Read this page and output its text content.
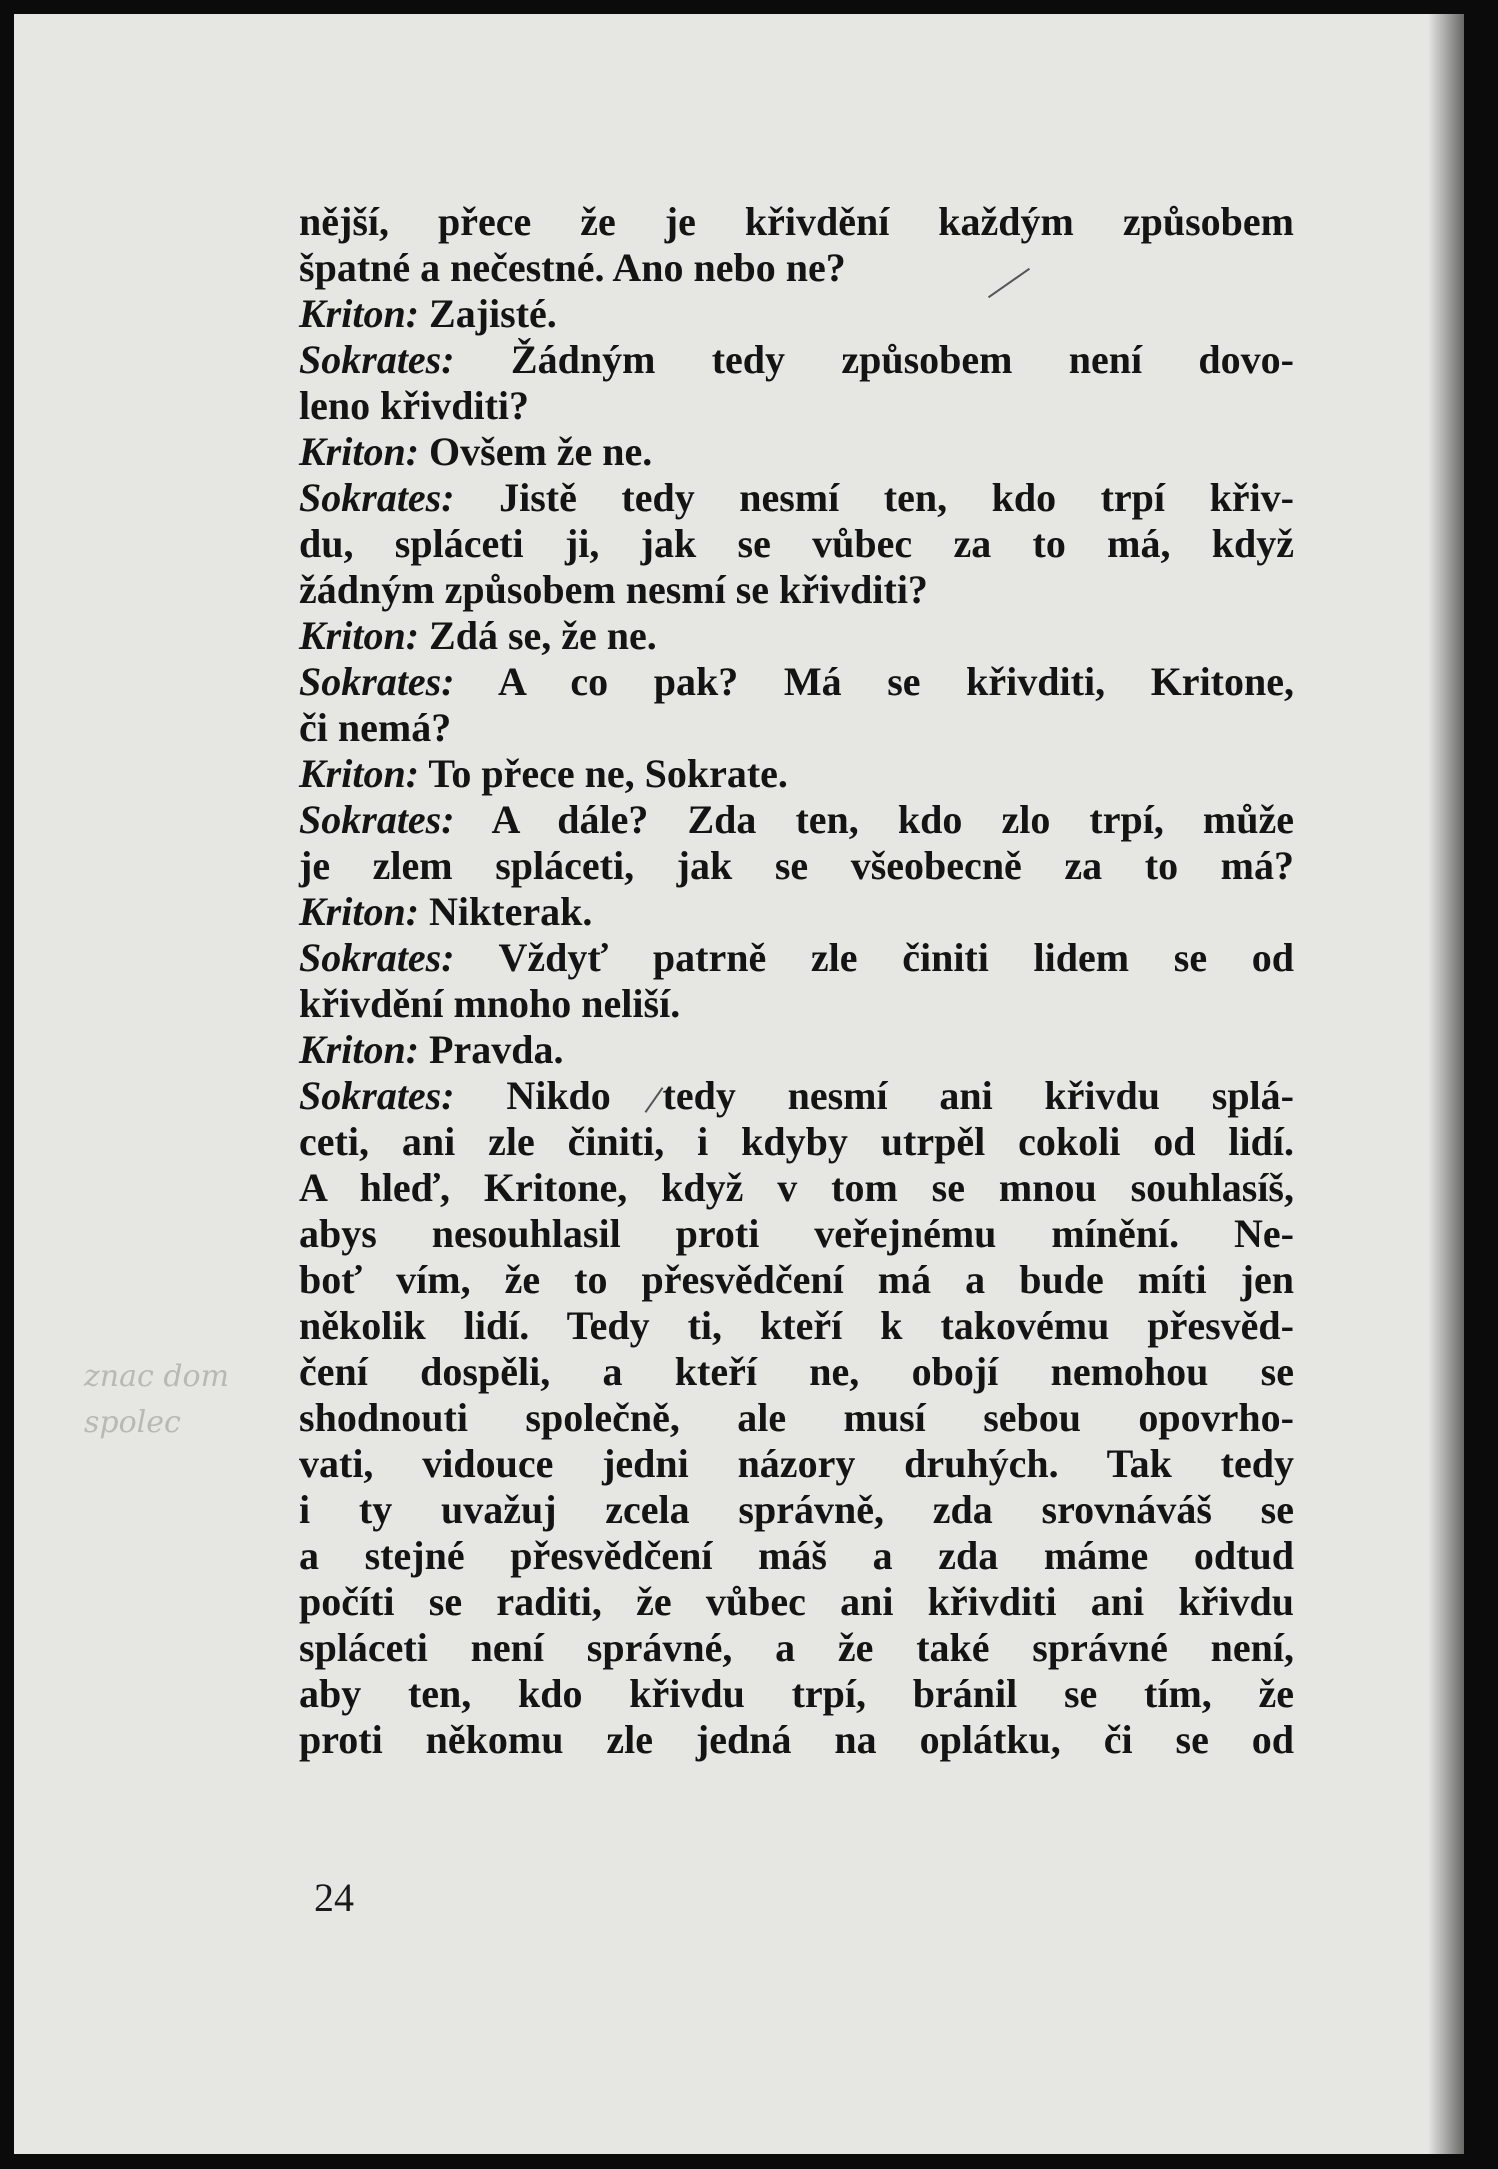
znac dom
spolec
nější, přece že je křivdění každým způsobem
špatné a nečestné. Ano nebo ne?
Kriton: Zajisté.
Sokrates: Žádným tedy způsobem není dovo-
leno křivditi?
Kriton: Ovšem že ne.
Sokrates: Jistě tedy nesmí ten, kdo trpí křiv-
du, spláceti ji, jak se vůbec za to má, když
žádným způsobem nesmí se křivditi?
Kriton: Zdá se, že ne.
Sokrates: A co pak? Má se křivditi, Kritone,
či nemá?
Kriton: To přece ne, Sokrate.
Sokrates: A dále? Zda ten, kdo zlo trpí, může
je zlem spláceti, jak se všeobecně za to má?
Kriton: Nikterak.
Sokrates: Vždyť patrně zle činiti lidem se od
křivdění mnoho neliší.
Kriton: Pravda.
Sokrates: Nikdo tedy nesmí ani křivdu splá-
ceti, ani zle činiti, i kdyby utrpěl cokoli od lidí.
A hleď, Kritone, když v tom se mnou souhlasíš,
abys nesouhlasil proti veřejnému mínění. Ne-
boť vím, že to přesvědčení má a bude míti jen
několik lidí. Tedy ti, kteří k takovému přesvěd-
čení dospěli, a kteří ne, obojí nemohou se
shodnouti společně, ale musí sebou opovrho-
vati, vidouce jedni názory druhých. Tak tedy
i ty uvažuj zcela správně, zda srovnáváš se
a stejné přesvědčení máš a zda máme odtud
počíti se raditi, že vůbec ani křivditi ani křivdu
spláceti není správné, a že také správné není,
aby ten, kdo křivdu trpí, bránil se tím, že
proti někomu zle jedná na oplátku, či se od
24
